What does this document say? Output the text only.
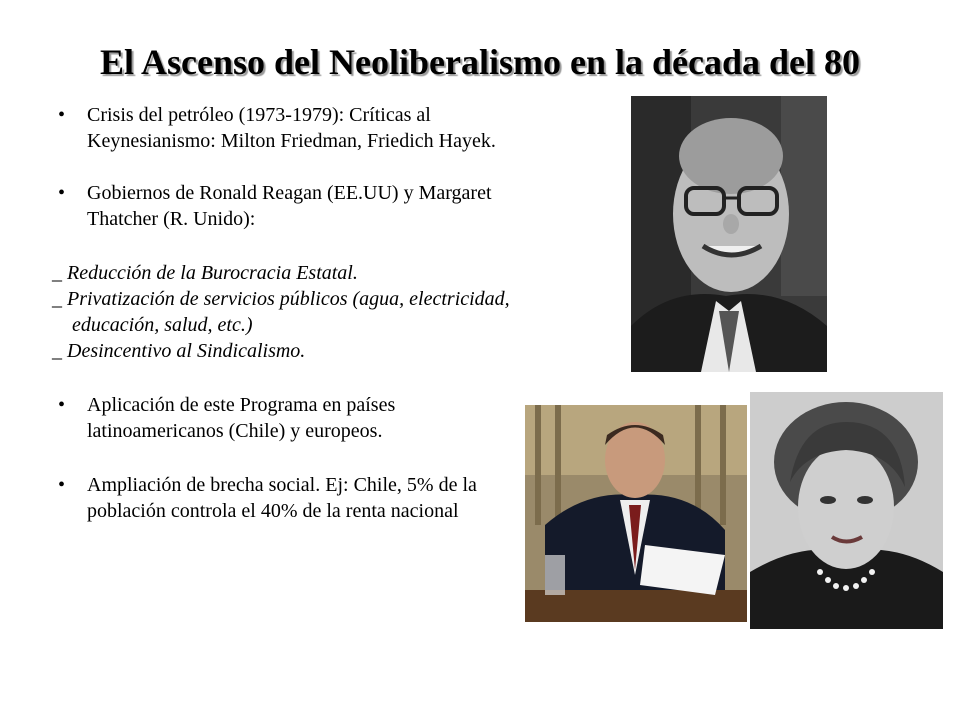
El Ascenso del Neoliberalismo en la década del 80

• Crisis del petróleo (1973-1979): Críticas al Keynesianismo: Milton Friedman, Friedich Hayek.

• Gobiernos de Ronald Reagan (EE.UU) y Margaret Thatcher (R. Unido):

_ Reducción de la Burocracia Estatal.

_ Privatización de servicios públicos (agua, electricidad, educación, salud, etc.)

_ Desincentivo al Sindicalismo.

• Aplicación de este Programa en países latinoamericanos (Chile) y europeos.

• Ampliación de brecha social. Ej: Chile, 5% de la población controla el 40% de la renta nacional
